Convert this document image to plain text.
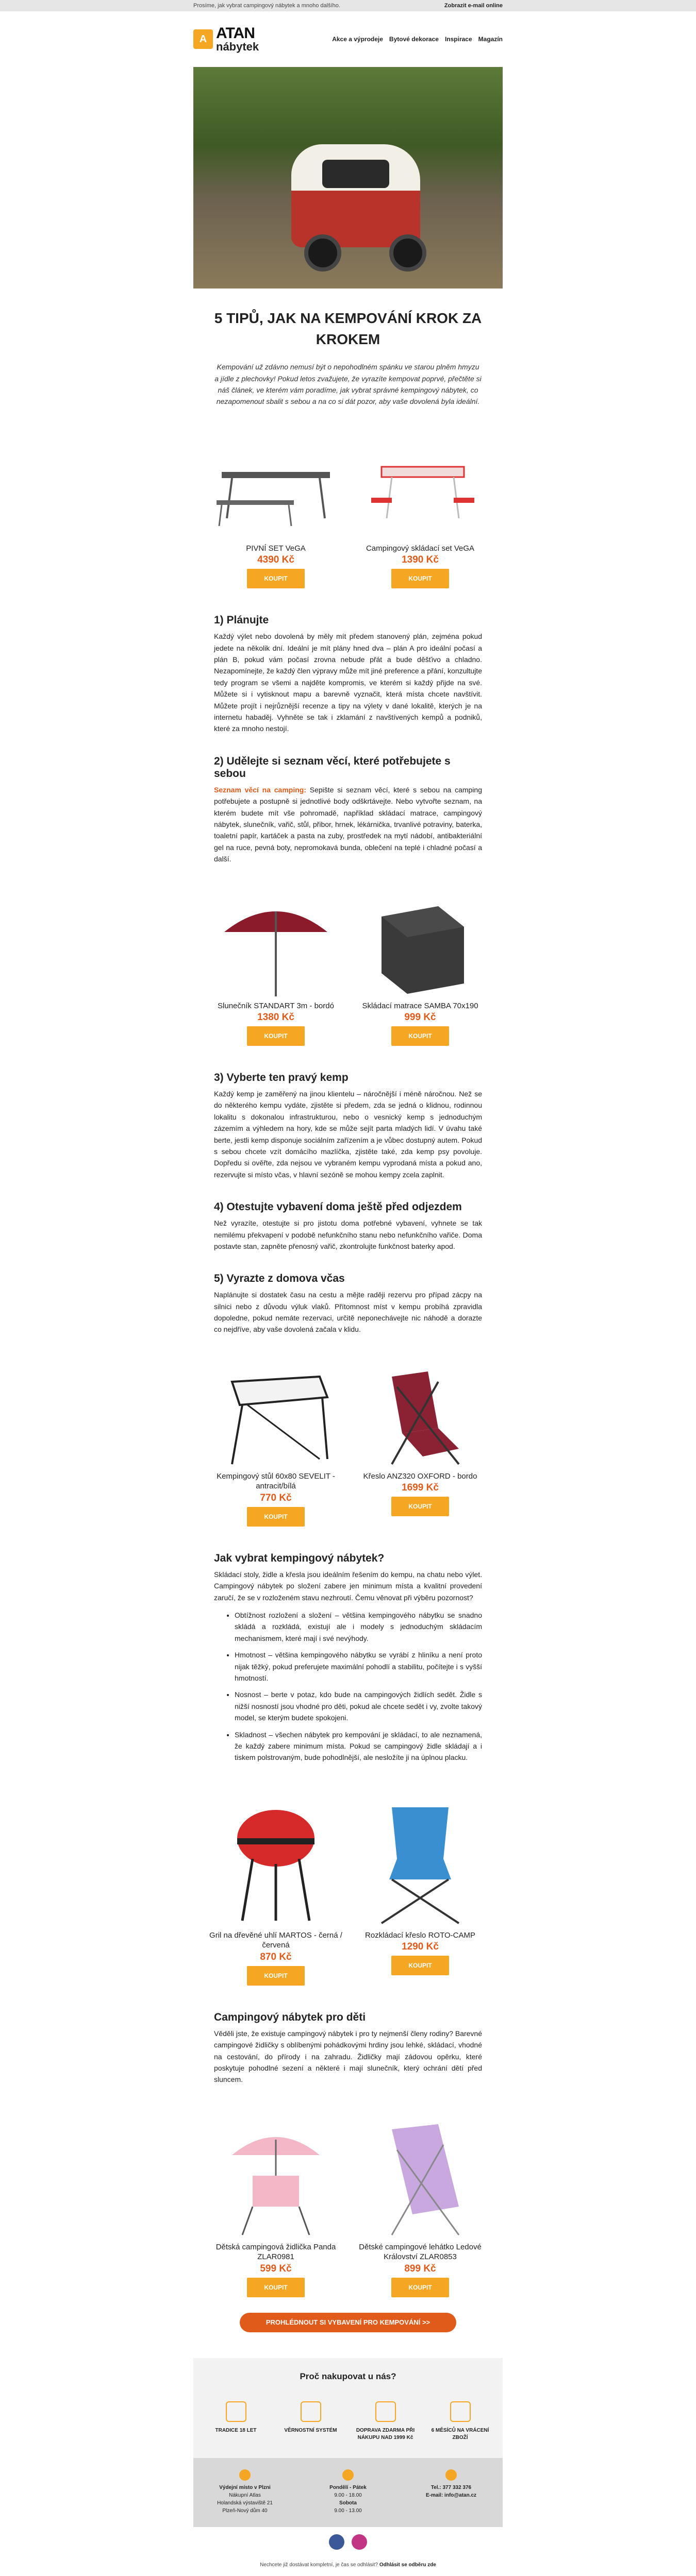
Prosíme, jak vybrat campingový nábytek a mnoho dalšího.	Zobrazit e-mail online
A ATAN
nábytek
Akce a výprodeje Bytové dekorace Inspirace Magazín
5 TIPŮ, JAK NA KEMPOVÁNÍ KROK ZA KROKEM

Kempování už zdávno nemusí být o nepohodlném spánku ve starou plněm hmyzu a jídle z plechovky! Pokud letos zvažujete, že vyrazíte kempovat poprvé, přečtěte si náš článek, ve kterém vám poradíme, jak vybrat správné kempingový nábytek, co nezapomenout sbalit s sebou a na co si dát pozor, aby vaše dovolená byla ideální.

PIVNÍ SET VeGA
4390 Kč
KOUPIT
Campingový skládací set VeGA
1390 Kč
KOUPIT
1) Plánujte

Každý výlet nebo dovolená by měly mít předem stanovený plán, zejména pokud jedete na několik dní. Ideální je mít plány hned dva – plán A pro ideální počasí a plán B, pokud vám počasí zrovna nebude přát a bude děšťivo a chladno. Nezapomínejte, že každý člen výpravy může mít jiné preference a přání, konzultujte tedy program se všemi a najděte kompromis, ve kterém si každý přijde na své. Můžete si i vytisknout mapu a barevně vyznačit, která místa chcete navštívit. Můžete projít i nejrůznější recenze a tipy na výlety v dané lokalitě, kterých je na internetu habaděj. Vyhněte se tak i zklamání z navštívených kempů a podniků, které za mnoho nestojí.

2) Udělejte si seznam věcí, které potřebujete s sebou

Seznam věcí na camping: Sepište si seznam věcí, které s sebou na camping potřebujete a postupně si jednotlivé body odškrtávejte. Nebo vytvořte seznam, na kterém budete mít vše pohromadě, například skládací matrace, campingový nábytek, slunečník, vařič, stůl, přibor, hrnek, lékárnička, trvanlivé potraviny, baterka, toaletní papír, kartáček a pasta na zuby, prostředek na mytí nádobí, antibakteriální gel na ruce, pevná boty, nepromokavá bunda, oblečení na teplé i chladné počasí a další.

Slunečník STANDART 3m - bordó
1380 Kč
KOUPIT
Skládací matrace SAMBA 70x190
999 Kč
KOUPIT
3) Vyberte ten pravý kemp

Každý kemp je zaměřený na jinou klientelu – náročnější i méně náročnou. Než se do některého kempu vydáte, zjistěte si předem, zda se jedná o klidnou, rodinnou lokalitu s dokonalou infrastrukturou, nebo o vesnický kemp s jednoduchým zázemím a výhledem na hory, kde se může sejít parta mladých lidí. V úvahu také berte, jestli kemp disponuje sociálním zařízením a je vůbec dostupný autem. Pokud s sebou chcete vzít domácího mazlíčka, zjistěte také, zda kemp psy povoluje. Dopředu si ověřte, zda nejsou ve vybraném kempu vyprodaná místa a pokud ano, rezervujte si místo včas, v hlavní sezóně se mohou kempy zcela zaplnit.

4) Otestujte vybavení doma ještě před odjezdem

Než vyrazíte, otestujte si pro jistotu doma potřebné vybavení, vyhnete se tak nemilému překvapení v podobě nefunkčního stanu nebo nefunkčního vařiče. Doma postavte stan, zapněte přenosný vařič, zkontrolujte funkčnost baterky apod.

5) Vyrazte z domova včas

Naplánujte si dostatek času na cestu a mějte raději rezervu pro případ zácpy na silnici nebo z důvodu výluk vlaků. Přítomnost míst v kempu probíhá zpravidla dopoledne, pokud nemáte rezervaci, určitě neponechávejte nic náhodě a dorazte co nejdříve, aby vaše dovolená začala v klidu.

Kempingový stůl 60x80 SEVELIT - antracit/bílá
770 Kč
KOUPIT
Křeslo ANZ320 OXFORD - bordo
1699 Kč
KOUPIT
Jak vybrat kempingový nábytek?

Skládací stoly, židle a křesla jsou ideálním řešením do kempu, na chatu nebo výlet. Campingový nábytek po složení zabere jen minimum místa a kvalitní provedení zaručí, že se v rozloženém stavu nezhroutí. Čemu věnovat při výběru pozornost?

• Obtížnost rozložení a složení – většina kempingového nábytku se snadno skládá a rozkládá, existují ale i modely s jednoduchým skládacím mechanismem, které mají i své nevýhody.
• Hmotnost – většina kempingového nábytku se vyrábí z hliníku a není proto nijak těžký, pokud preferujete maximální pohodlí a stabilitu, počítejte i s vyšší hmotností.
• Nosnost – berte v potaz, kdo bude na campingových židlích sedět. Židle s nižší nosností jsou vhodné pro děti, pokud ale chcete sedět i vy, zvolte takový model, se kterým budete spokojeni.
• Skladnost – všechen nábytek pro kempování je skládací, to ale neznamená, že každý zabere minimum místa. Pokud se campingový židle skládají a i tiskem polstrovaným, bude pohodlnější, ale nesložíte ji na úplnou placku.
Gril na dřevěné uhlí MARTOS - černá / červená
870 Kč
KOUPIT
Rozkládací křeslo ROTO-CAMP
1290 Kč
KOUPIT
Campingový nábytek pro děti

Věděli jste, že existuje campingový nábytek i pro ty nejmenší členy rodiny? Barevné campingové židličky s oblíbenými pohádkovými hrdiny jsou lehké, skládací, vhodné na cestování, do přírody i na zahradu. Židličky mají zádovou opěrku, které poskytuje pohodlné sezení a některé i mají slunečník, který ochrání dětí před sluncem.

Dětská campingová židlička Panda ZLAR0981
599 Kč
KOUPIT
Dětské campingové lehátko Ledové Království ZLAR0853
899 Kč
KOUPIT
PROHLÉDNOUT SI VYBAVENÍ PRO KEMPOVÁNÍ >>
Proč nakupovat u nás?
TRADICE 18 LET	VĚRNOSTNÍ SYSTÉM	DOPRAVA ZDARMA PŘI NÁKUPU NAD 1999 Kč
6 MĚSÍCŮ NA VRÁCENÍ ZBOŽÍ
Výdejní místo v Plzni
Nákupní Atlas
Holandská výstaviště 21
Plzeň-Nový dům 40
Pondělí - Pátek
9.00 - 18.00
Sobota
9.00 - 13.00
Tel.: 377 332 376
E-mail: info@atan.cz
Nechcete již dostávat kompletní, je čas se odhlásit? Odhlásit se odběru zde
